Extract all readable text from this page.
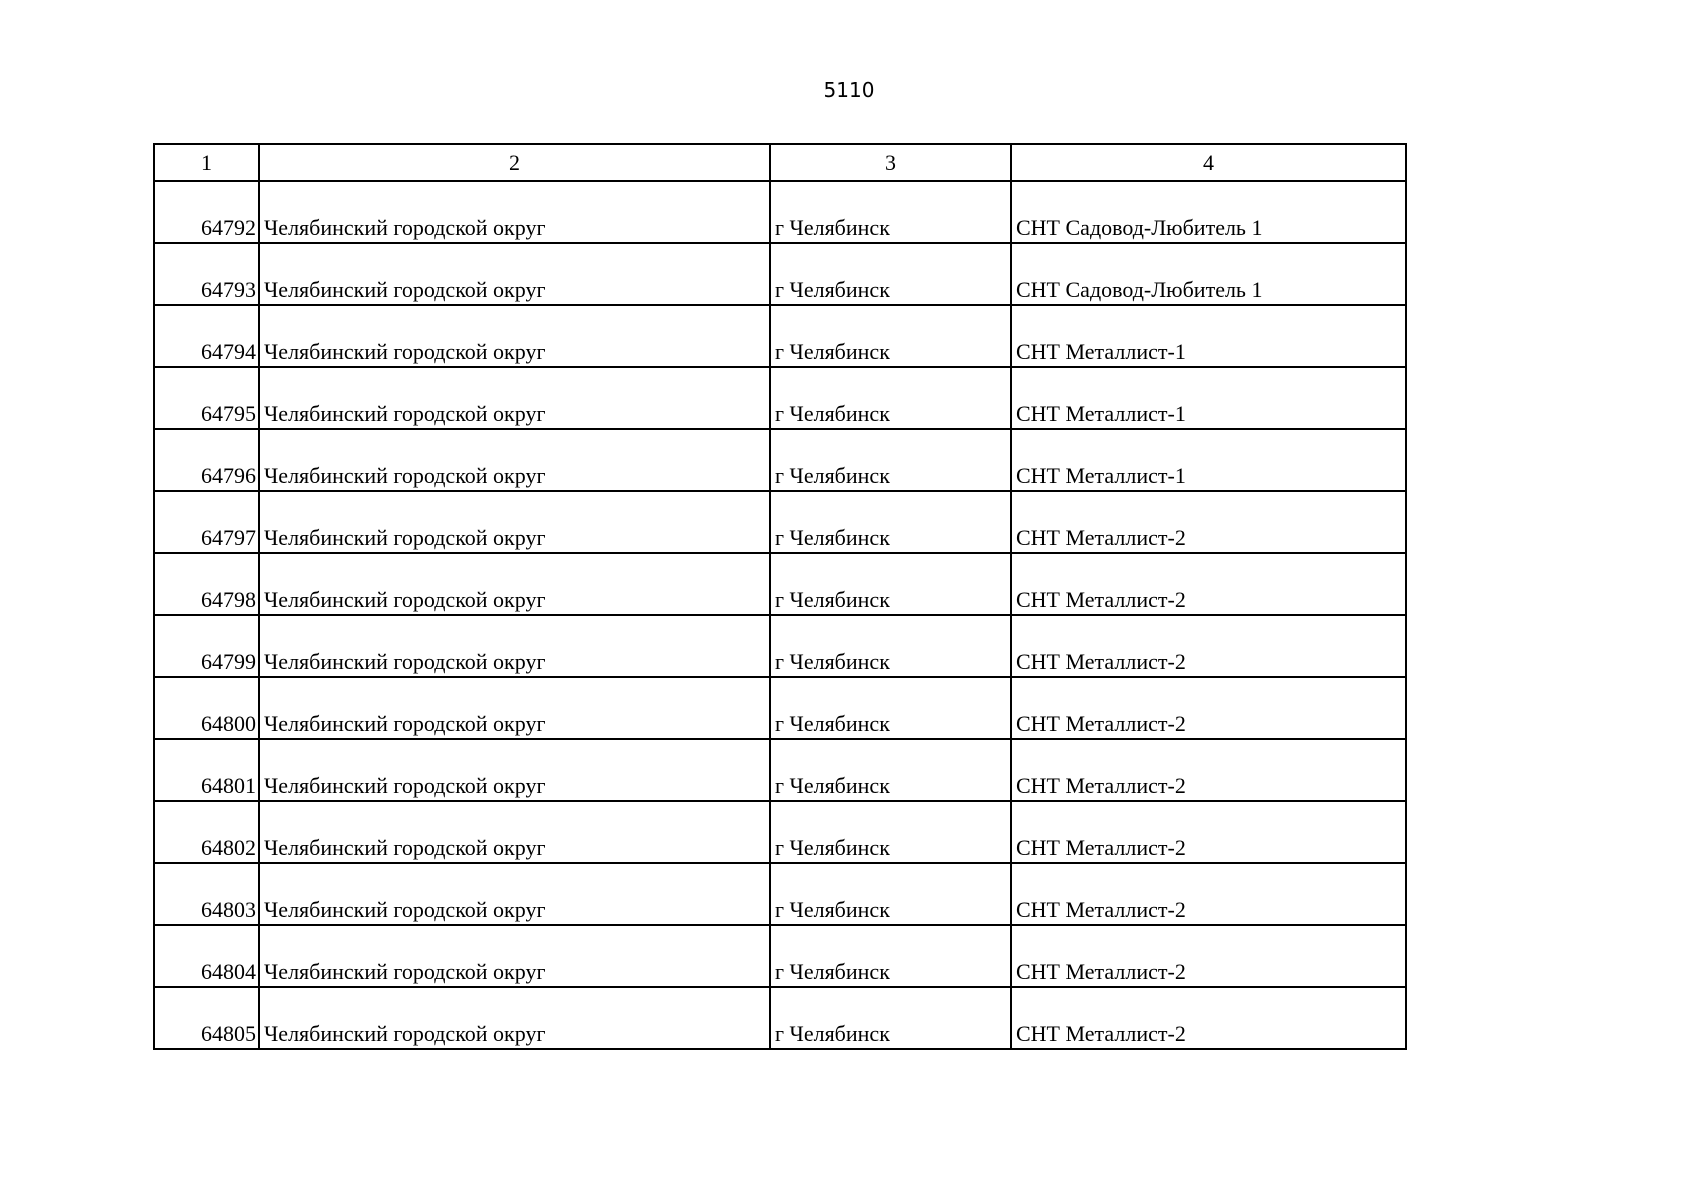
5110
1	2	3	4
64792	Челябинский городской округ	г Челябинск	СНТ Садовод-Любитель 1
64793	Челябинский городской округ	г Челябинск	СНТ Садовод-Любитель 1
64794	Челябинский городской округ	г Челябинск	СНТ Металлист-1
64795	Челябинский городской округ	г Челябинск	СНТ Металлист-1
64796	Челябинский городской округ	г Челябинск	СНТ Металлист-1
64797	Челябинский городской округ	г Челябинск	СНТ Металлист-2
64798	Челябинский городской округ	г Челябинск	СНТ Металлист-2
64799	Челябинский городской округ	г Челябинск	СНТ Металлист-2
64800	Челябинский городской округ	г Челябинск	СНТ Металлист-2
64801	Челябинский городской округ	г Челябинск	СНТ Металлист-2
64802	Челябинский городской округ	г Челябинск	СНТ Металлист-2
64803	Челябинский городской округ	г Челябинск	СНТ Металлист-2
64804	Челябинский городской округ	г Челябинск	СНТ Металлист-2
64805	Челябинский городской округ	г Челябинск	СНТ Металлист-2
